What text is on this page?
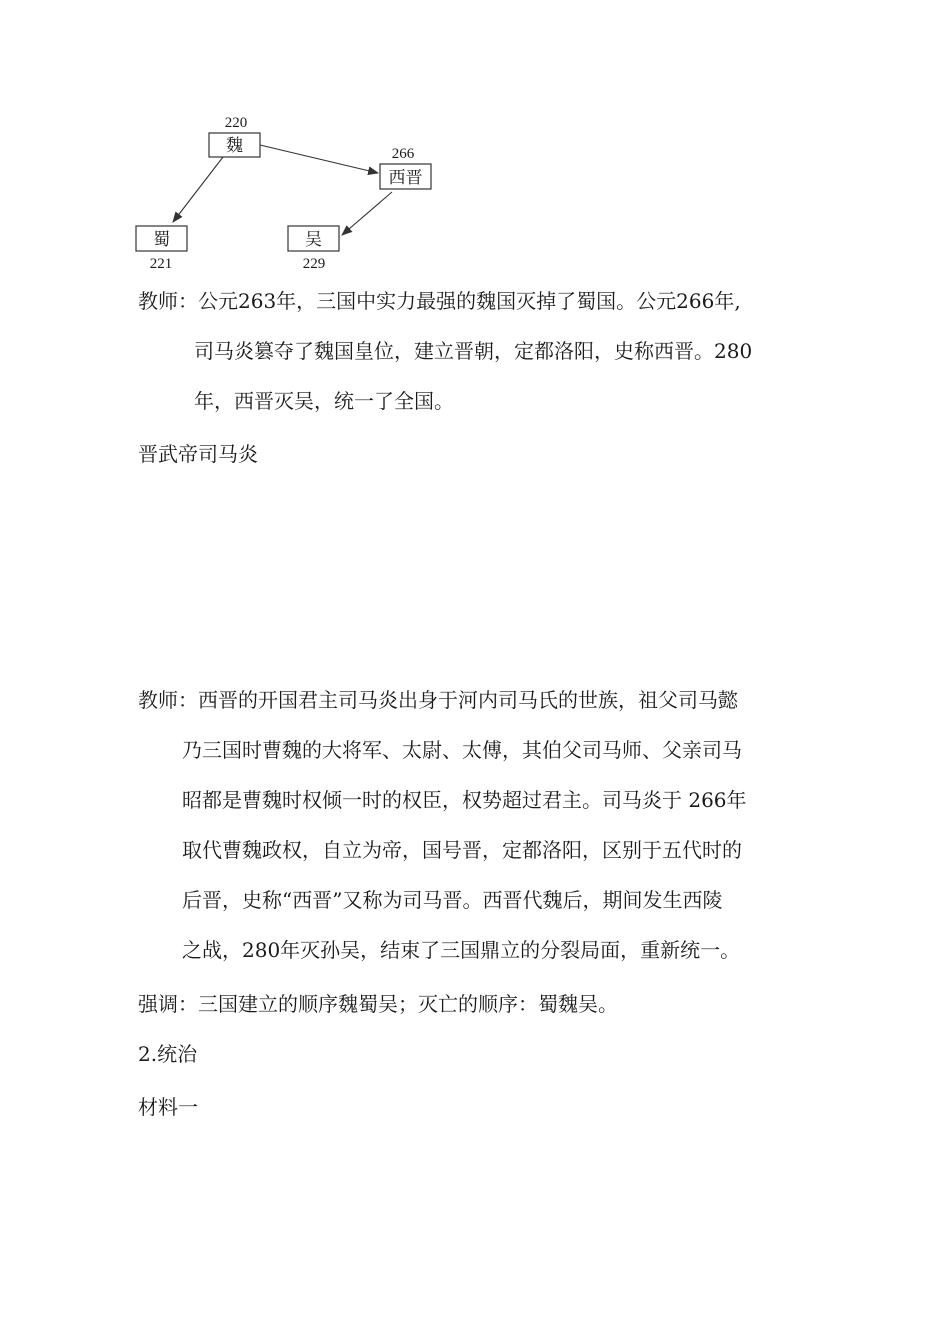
220
魏	266
西晋
蜀
221
吴
229
教师：公元263年，三国中实力最强的魏国灭掉了蜀国。公元266年,
司马炎篡夺了魏国皇位，建立晋朝，定都洛阳，史称西晋。280
年，西晋灭吴，统一了全国。

晋武帝司马炎

教师：西晋的开国君主司马炎出身于河内司马氏的世族，祖父司马懿
乃三国时曹魏的大将军、太尉、太傅，其伯父司马师、父亲司马
昭都是曹魏时权倾一时的权臣，权势超过君主。司马炎于 266年
取代曹魏政权，自立为帝，国号晋，定都洛阳，区别于五代时的
后晋，史称“西晋”又称为司马晋。西晋代魏后，期间发生西陵
之战，280年灭孙吴，结束了三国鼎立的分裂局面，重新统一。

强调：三国建立的顺序魏蜀吴；灭亡的顺序：蜀魏吴。

2.统治

材料一
